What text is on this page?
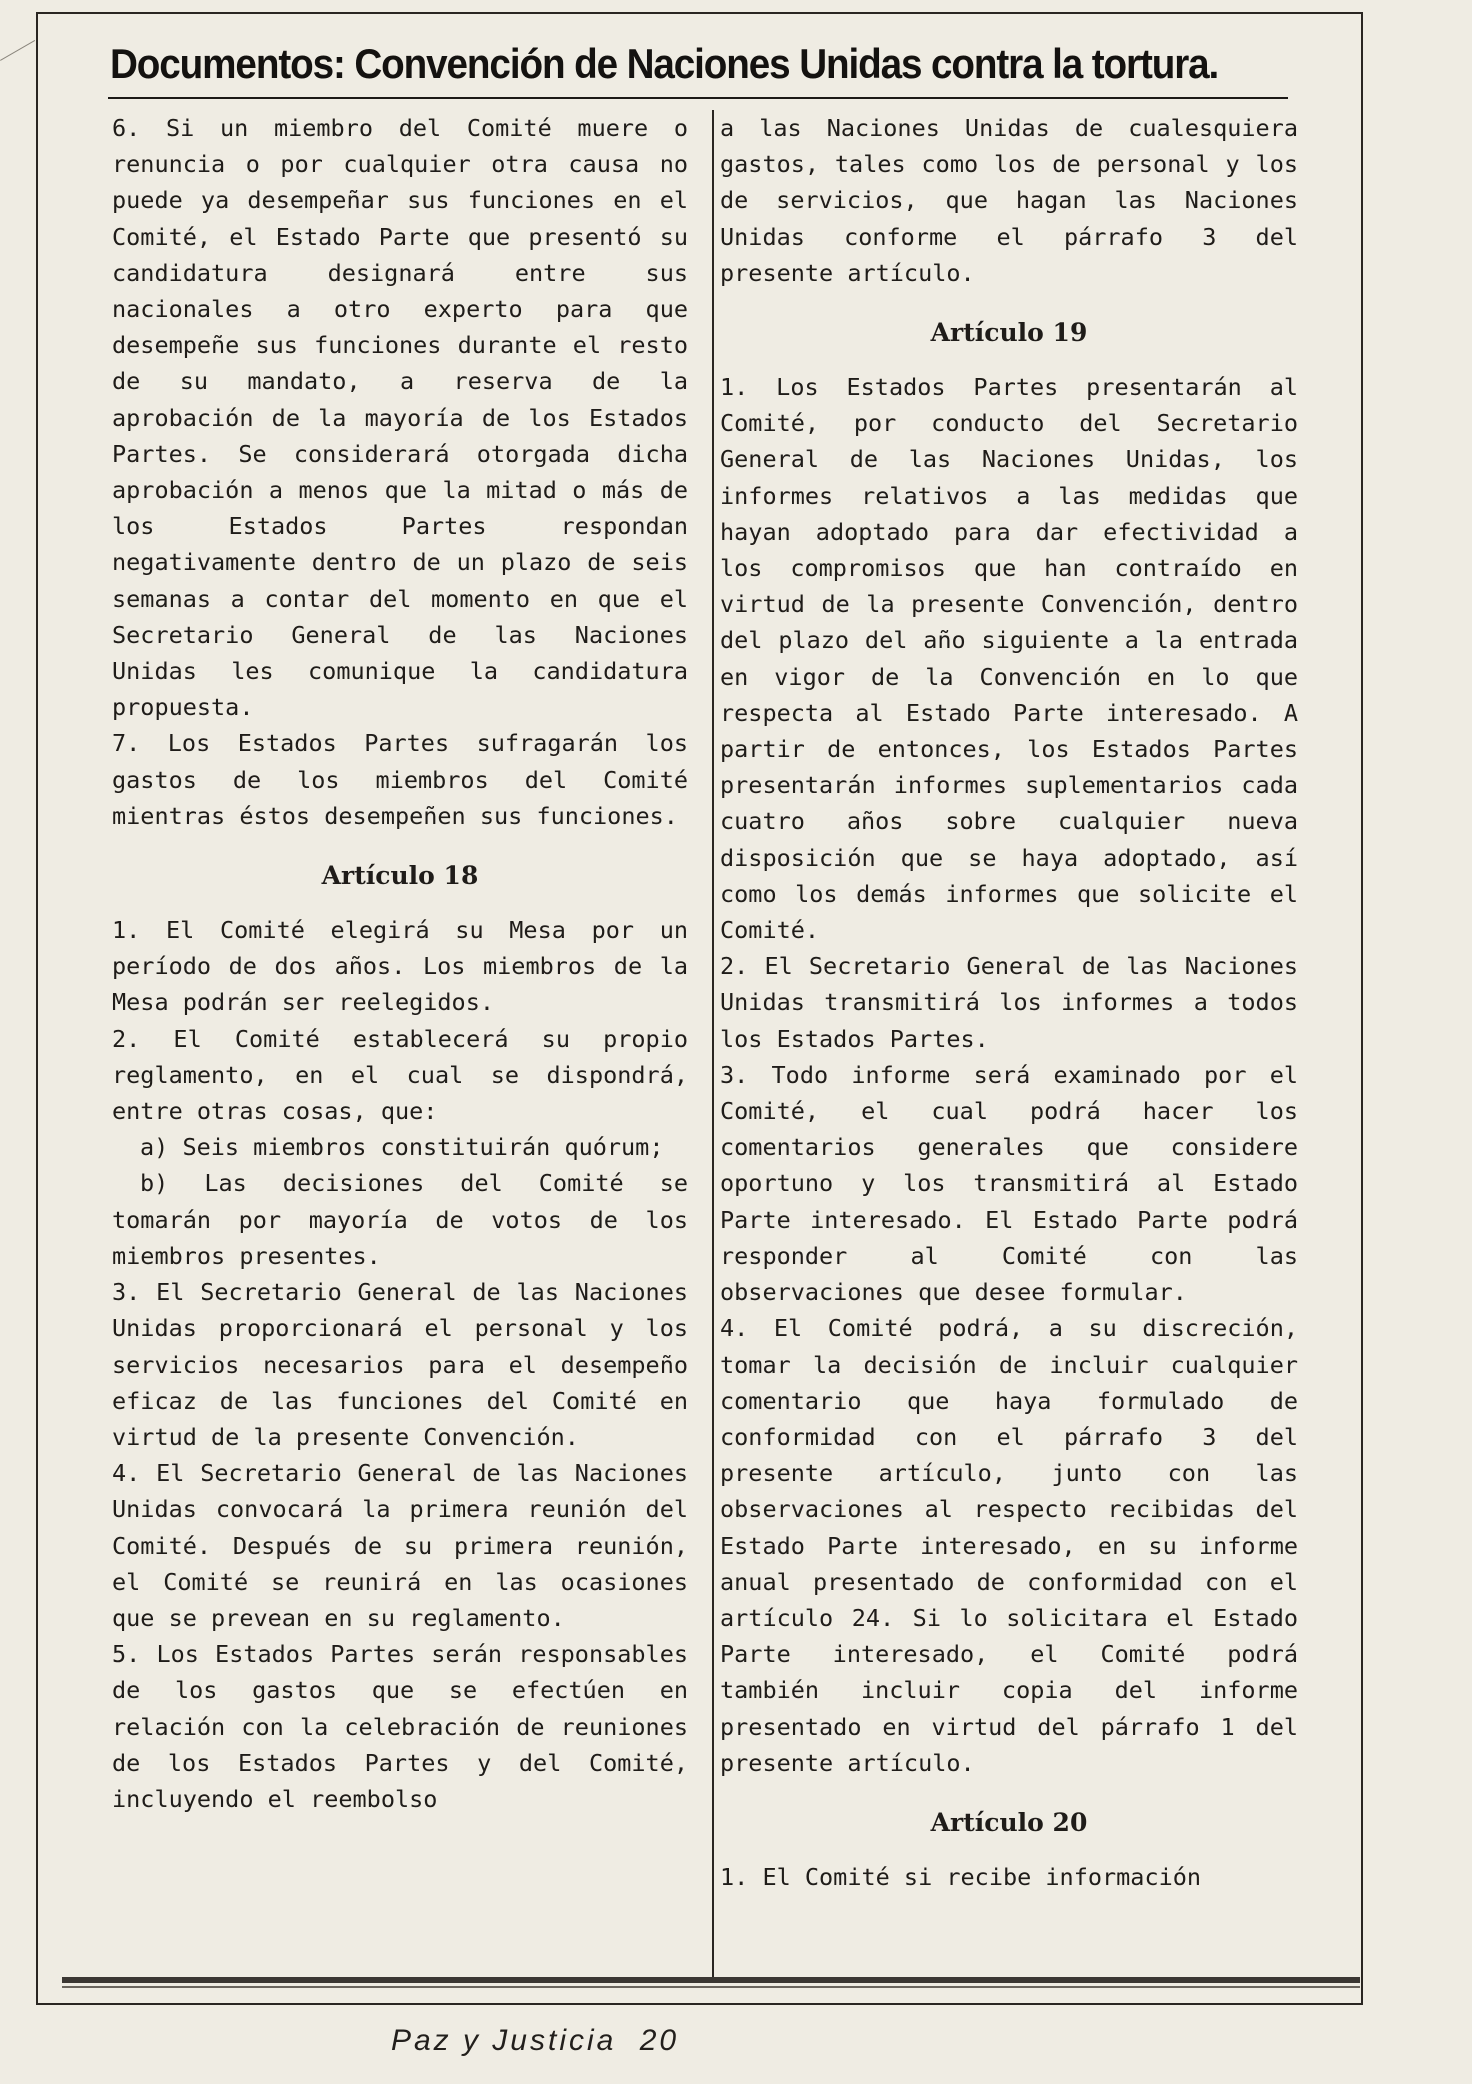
Documentos: Convención de Naciones Unidas contra la tortura.

6. Si un miembro del Comité muere o renuncia o por cualquier otra causa no puede ya desempeñar sus funciones en el Comité, el Estado Parte que presentó su candidatura designará entre sus nacionales a otro experto para que desempeñe sus funciones durante el resto de su mandato, a reserva de la aprobación de la mayoría de los Estados Partes. Se considerará otorgada dicha aprobación a menos que la mitad o más de los Estados Partes respondan negativamente dentro de un plazo de seis semanas a contar del momento en que el Secretario General de las Naciones Unidas les comunique la candidatura propuesta.

7. Los Estados Partes sufragarán los gastos de los miembros del Comité mientras éstos desempeñen sus funciones.

Artículo 18

1. El Comité elegirá su Mesa por un período de dos años. Los miembros de la Mesa podrán ser reelegidos.

2. El Comité establecerá su propio reglamento, en el cual se dispondrá, entre otras cosas, que:

a) Seis miembros constituirán quórum;

b) Las decisiones del Comité se tomarán por mayoría de votos de los miembros presentes.

3. El Secretario General de las Naciones Unidas proporcionará el personal y los servicios necesarios para el desempeño eficaz de las funciones del Comité en virtud de la presente Convención.

4. El Secretario General de las Naciones Unidas convocará la primera reunión del Comité. Después de su primera reunión, el Comité se reunirá en las ocasiones que se prevean en su reglamento.

5. Los Estados Partes serán responsables de los gastos que se efectúen en relación con la celebración de reuniones de los Estados Partes y del Comité, incluyendo el reembolso

a las Naciones Unidas de cualesquiera gastos, tales como los de personal y los de servicios, que hagan las Naciones Unidas conforme el párrafo 3 del presente artículo.

Artículo 19

1. Los Estados Partes presentarán al Comité, por conducto del Secretario General de las Naciones Unidas, los informes relativos a las medidas que hayan adoptado para dar efectividad a los compromisos que han contraído en virtud de la presente Convención, dentro del plazo del año siguiente a la entrada en vigor de la Convención en lo que respecta al Estado Parte interesado. A partir de entonces, los Estados Partes presentarán informes suplementarios cada cuatro años sobre cualquier nueva disposición que se haya adoptado, así como los demás informes que solicite el Comité.

2. El Secretario General de las Naciones Unidas transmitirá los informes a todos los Estados Partes.

3. Todo informe será examinado por el Comité, el cual podrá hacer los comentarios generales que considere oportuno y los transmitirá al Estado Parte interesado. El Estado Parte podrá responder al Comité con las observaciones que desee formular.

4. El Comité podrá, a su discreción, tomar la decisión de incluir cualquier comentario que haya formulado de conformidad con el párrafo 3 del presente artículo, junto con las observaciones al respecto recibidas del Estado Parte interesado, en su informe anual presentado de conformidad con el artículo 24. Si lo solicitara el Estado Parte interesado, el Comité podrá también incluir copia del informe presentado en virtud del párrafo 1 del presente artículo.

Artículo 20

1. El Comité si recibe información

Paz y Justicia 20
